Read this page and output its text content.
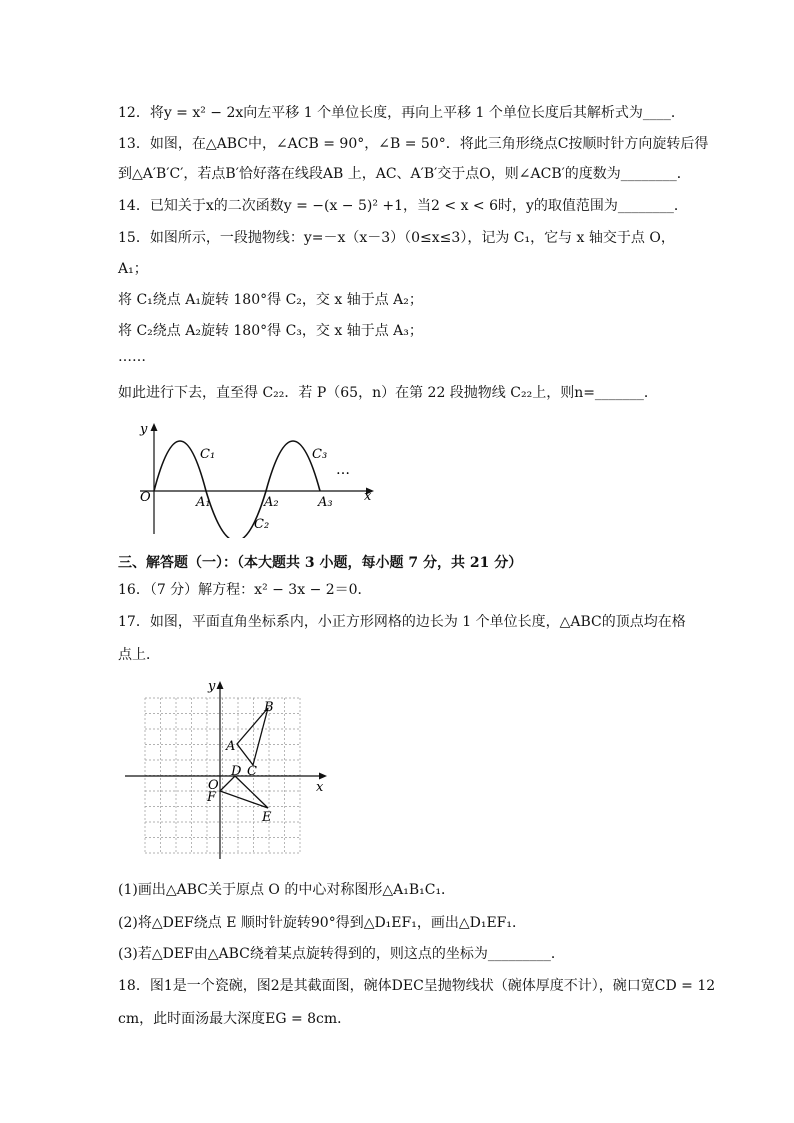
12．将y = x² − 2x向左平移 1 个单位长度，再向上平移 1 个单位长度后其解析式为____．
13．如图，在△ABC中，∠ACB = 90°，∠B = 50°．将此三角形绕点C按顺时针方向旋转后得
到△A′B′C′，若点B′恰好落在线段AB 上，AC、A′B′交于点O，则∠ACB′的度数为________．
14．已知关于x的二次函数y = −(x − 5)² +1，当2 < x < 6时，y的取值范围为________．
15．如图所示，一段抛物线：y=－x（x－3）（0≤x≤3），记为 C₁，它与 x 轴交于点 O，
A₁；
将 C₁绕点 A₁旋转 180°得 C₂，交 x 轴于点 A₂；
将 C₂绕点 A₂旋转 180°得 C₃，交 x 轴于点 A₃；
……
如此进行下去，直至得 C₂₂．若 P（65，n）在第 22 段抛物线 C₂₂上，则n=_______．
y
x
O
C₁
C₂
C₃
A₁	A₂	A₃
…
三、解答题（一）：（本大题共 3 小题，每小题 7 分，共 21 分）
16．（7 分）解方程：x² − 3x − 2＝0．
17．如图，平面直角坐标系内，小正方形网格的边长为 1 个单位长度，△ABC的顶点均在格
点上．
y
x
O
A
B
C
D
E
F
(1)画出△ABC关于原点 O 的中心对称图形△A₁B₁C₁．
(2)将△DEF绕点 E 顺时针旋转90°得到△D₁EF₁，画出△D₁EF₁．
(3)若△DEF由△ABC绕着某点旋转得到的，则这点的坐标为_________．
18．图1是一个瓷碗，图2是其截面图，碗体DEC呈抛物线状（碗体厚度不计），碗口宽CD = 12
cm，此时面汤最大深度EG = 8cm．
